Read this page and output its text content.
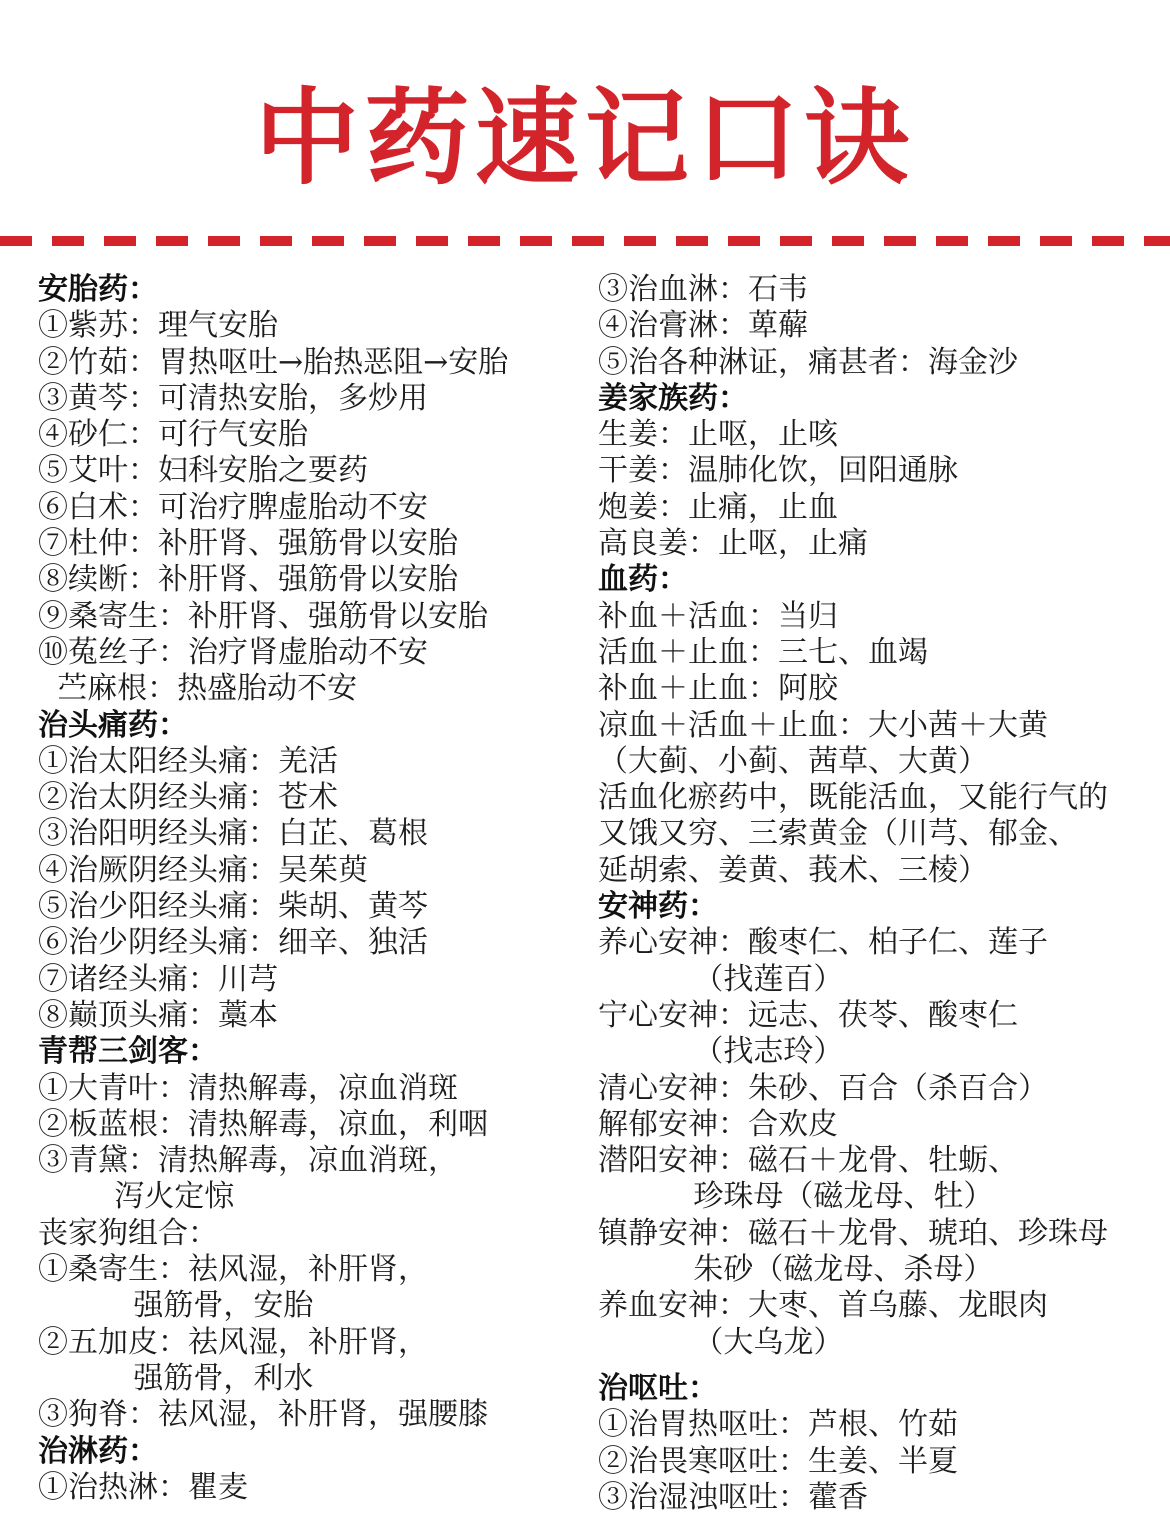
中药速记口诀
安胎药：
①紫苏：理气安胎
②竹茹：胃热呕吐→胎热恶阻→安胎
③黄芩：可清热安胎，多炒用
④砂仁：可行气安胎
⑤艾叶：妇科安胎之要药
⑥白术：可治疗脾虚胎动不安
⑦杜仲：补肝肾、强筋骨以安胎
⑧续断：补肝肾、强筋骨以安胎
⑨桑寄生：补肝肾、强筋骨以安胎
⑩菟丝子：治疗肾虚胎动不安
苎麻根：热盛胎动不安
治头痛药：
①治太阳经头痛：羌活
②治太阴经头痛：苍术
③治阳明经头痛：白芷、葛根
④治厥阴经头痛：吴茱萸
⑤治少阳经头痛：柴胡、黄芩
⑥治少阴经头痛：细辛、独活
⑦诸经头痛：川芎
⑧巅顶头痛：藁本
青帮三剑客：
①大青叶：清热解毒，凉血消斑
②板蓝根：清热解毒，凉血，利咽
③青黛：清热解毒，凉血消斑，
泻火定惊
丧家狗组合：
①桑寄生：祛风湿，补肝肾，
强筋骨，安胎
②五加皮：祛风湿，补肝肾，
强筋骨，利水
③狗脊：祛风湿，补肝肾，强腰膝
治淋药：
①治热淋：瞿麦
③治血淋：石韦
④治膏淋：萆薢
⑤治各种淋证，痛甚者：海金沙
姜家族药：
生姜：止呕，止咳
干姜：温肺化饮，回阳通脉
炮姜：止痛，止血
高良姜：止呕，止痛
血药：
补血＋活血：当归
活血＋止血：三七、血竭
补血＋止血：阿胶
凉血＋活血＋止血：大小茜＋大黄
（大蓟、小蓟、茜草、大黄）
活血化瘀药中，既能活血，又能行气的
又饿又穷、三索黄金（川芎、郁金、
延胡索、姜黄、莪术、三棱）
安神药：
养心安神：酸枣仁、柏子仁、莲子
（找莲百）
宁心安神：远志、茯苓、酸枣仁
（找志玲）
清心安神：朱砂、百合（杀百合）
解郁安神：合欢皮
潜阳安神：磁石＋龙骨、牡蛎、
珍珠母（磁龙母、牡）
镇静安神：磁石＋龙骨、琥珀、珍珠母
朱砂（磁龙母、杀母）
养血安神：大枣、首乌藤、龙眼肉
（大乌龙）
治呕吐：
①治胃热呕吐：芦根、竹茹
②治畏寒呕吐：生姜、半夏
③治湿浊呕吐：藿香
